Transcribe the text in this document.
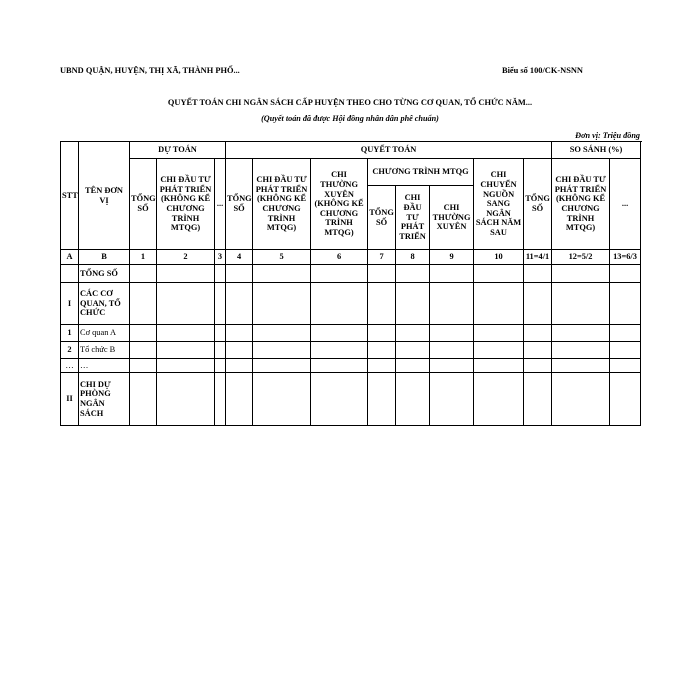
UBND QUẬN, HUYỆN, THỊ XÃ, THÀNH PHỐ...	Biểu số 100/CK-NSNN
QUYẾT TOÁN CHI NGÂN SÁCH CẤP HUYỆN THEO CHO TỪNG CƠ QUAN, TỔ CHỨC NĂM...
(Quyết toán đã được Hội đồng nhân dân phê chuẩn)
Đơn vị: Triệu đồng
STT	TÊN ĐƠN VỊ	DỰ TOÁN			QUYẾT TOÁN								SO SÁNH (%)	
		TỔNG SỐ	CHI ĐẦU TƯ PHÁT TRIỂN (KHÔNG KỂ CHƯƠNG TRÌNH MTQG)	...	TỔNG SỐ	CHI ĐẦU TƯ PHÁT TRIỂN (KHÔNG KỂ CHƯƠNG TRÌNH MTQG)	CHI THƯỜNG XUYÊN (KHÔNG KỂ CHƯƠNG TRÌNH MTQG)	CHƯƠNG TRÌNH MTQG			CHI CHUYỂN NGUỒN SANG NGÂN SÁCH NĂM SAU	TỔNG SỐ	CHI ĐẦU TƯ PHÁT TRIỂN (KHÔNG KỂ CHƯƠNG TRÌNH MTQG)	...
								TỔNG SỐ	CHI ĐẦU TƯ PHÁT TRIỂN	CHI THƯỜNG XUYÊN				
A	B	1	2	3	4	5	6	7	8	9	10	11=4/1	12=5/2	13=6/3
	TỔNG SỐ													
I	CÁC CƠ QUAN, TỔ CHỨC													
1	Cơ quan A													
2	Tổ chức B													
…	…													
II	CHI DỰ PHÒNG NGÂN SÁCH													
